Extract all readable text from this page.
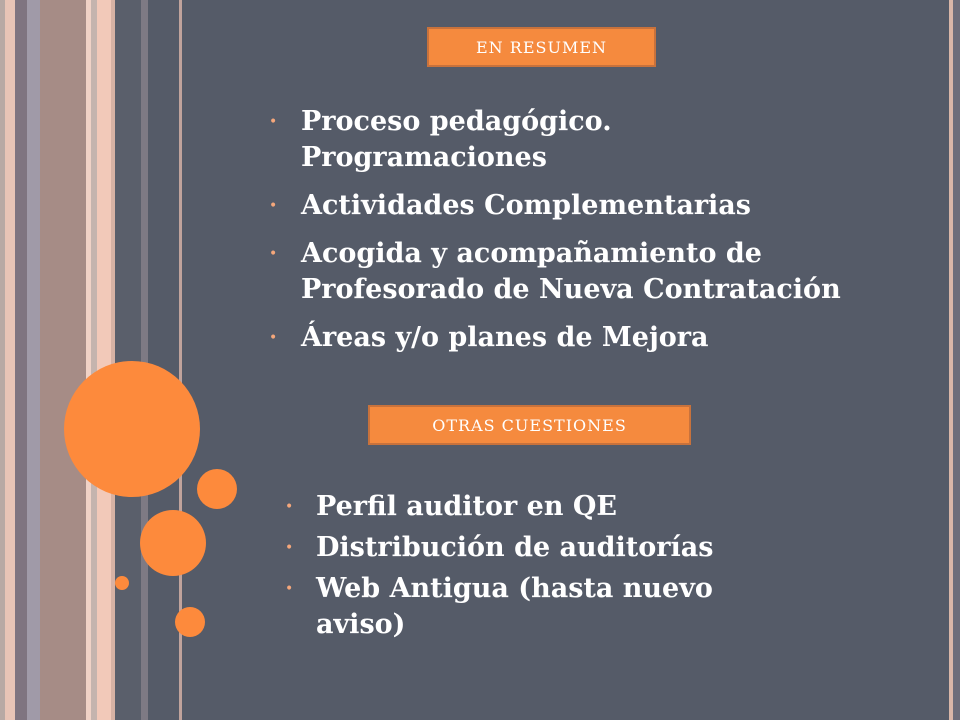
EN RESUMEN
OTRAS CUESTIONES
• Proceso pedagógico. Programaciones
• Actividades Complementarias
• Acogida y acompañamiento de Profesorado de Nueva Contratación
• Áreas y/o planes de Mejora
• Perfil auditor en QE
• Distribución de auditorías
• Web Antigua (hasta nuevo aviso)
